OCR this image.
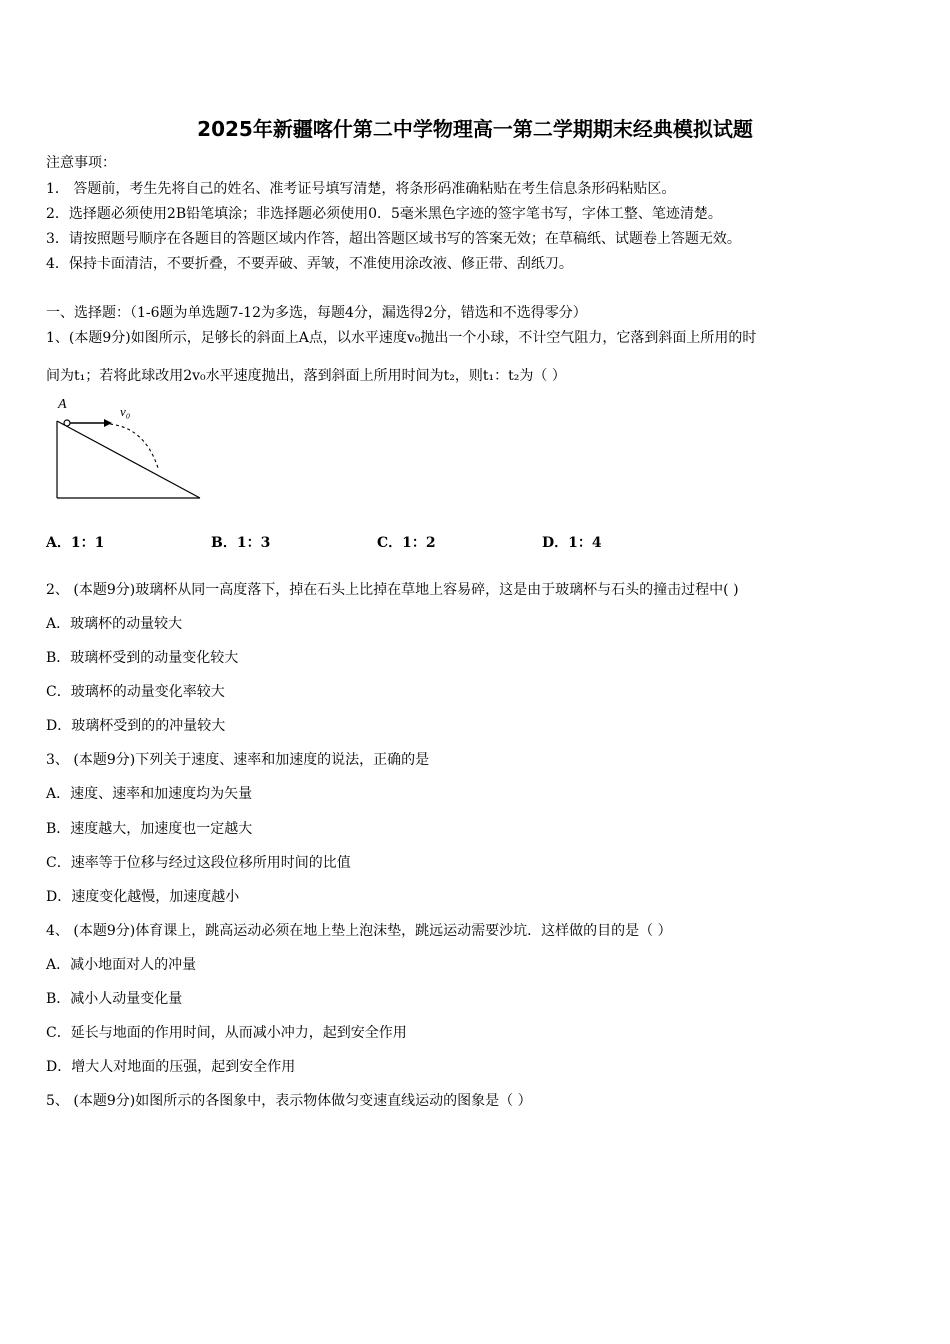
2025年新疆喀什第二中学物理高一第二学期期末经典模拟试题
注意事项：
1． 答题前，考生先将自己的姓名、准考证号填写清楚，将条形码准确粘贴在考生信息条形码粘贴区。
2．选择题必须使用2B铅笔填涂；非选择题必须使用0．5毫米黑色字迹的签字笔书写，字体工整、笔迹清楚。
3．请按照题号顺序在各题目的答题区域内作答，超出答题区域书写的答案无效；在草稿纸、试题卷上答题无效。
4．保持卡面清洁，不要折叠，不要弄破、弄皱，不准使用涂改液、修正带、刮纸刀。
一、选择题：（1-6题为单选题7-12为多选，每题4分，漏选得2分，错选和不选得零分）
1、(本题9分)如图所示，足够长的斜面上A点，以水平速度v₀抛出一个小球，不计空气阻力，它落到斜面上所用的时
间为t₁；若将此球改用2v₀水平速度抛出，落到斜面上所用时间为t₂，则t₁：t₂为（ ）
A	v₀
A．1：1	B．1：3	C．1：2	D．1：4
2、 (本题9分)玻璃杯从同一高度落下，掉在石头上比掉在草地上容易碎，这是由于玻璃杯与石头的撞击过程中( )
A．玻璃杯的动量较大
B．玻璃杯受到的动量变化较大
C．玻璃杯的动量变化率较大
D．玻璃杯受到的的冲量较大
3、 (本题9分)下列关于速度、速率和加速度的说法，正确的是
A．速度、速率和加速度均为矢量
B．速度越大，加速度也一定越大
C．速率等于位移与经过这段位移所用时间的比值
D．速度变化越慢，加速度越小
4、 (本题9分)体育课上，跳高运动必须在地上垫上泡沫垫，跳远运动需要沙坑．这样做的目的是（ ）
A．减小地面对人的冲量
B．减小人动量变化量
C．延长与地面的作用时间，从而减小冲力，起到安全作用
D．增大人对地面的压强，起到安全作用
5、 (本题9分)如图所示的各图象中，表示物体做匀变速直线运动的图象是（ ）
